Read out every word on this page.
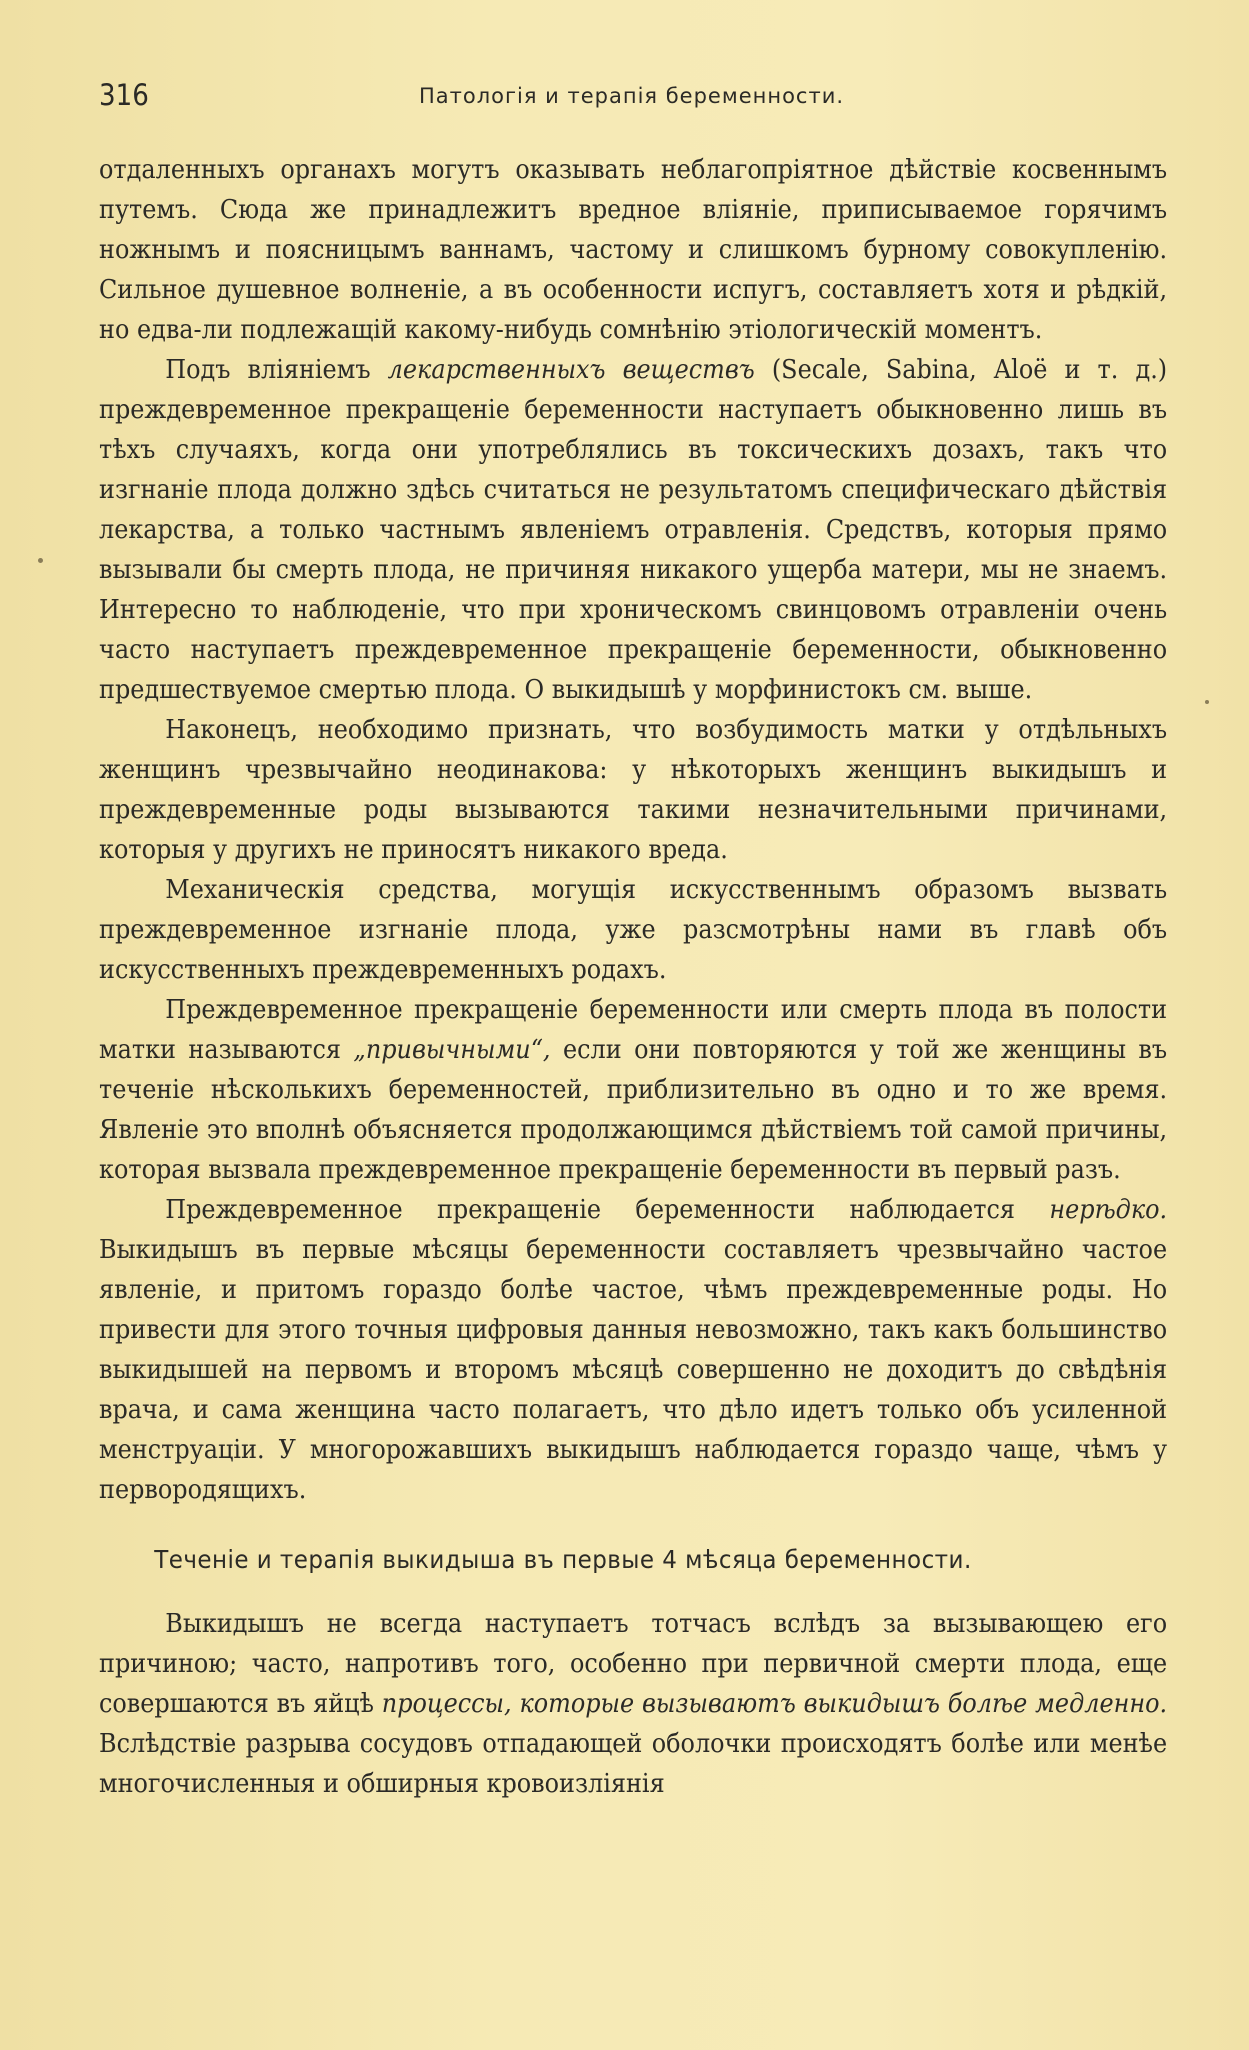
316	Патологія и терапія беременности.

отдаленныхъ органахъ могутъ оказывать неблагопріятное дѣйствіе косвеннымъ путемъ. Сюда же принадлежитъ вредное вліяніе, приписываемое горячимъ ножнымъ и поясницымъ ваннамъ, частому и слишкомъ бурному совокупленію. Сильное душевное волненіе, а въ особенности испугъ, составляетъ хотя и рѣдкій, но едва-ли подлежащій какому-нибудь сомнѣнію этіологическій моментъ.

Подъ вліяніемъ лекарственныхъ веществъ (Secale, Sabina, Aloë и т. д.) преждевременное прекращеніе беременности наступаетъ обыкновенно лишь въ тѣхъ случаяхъ, когда они употреблялись въ токсическихъ дозахъ, такъ что изгнаніе плода должно здѣсь считаться не результатомъ специфическаго дѣйствія лекарства, а только частнымъ явленіемъ отравленія. Средствъ, которыя прямо вызывали бы смерть плода, не причиняя никакого ущерба матери, мы не знаемъ. Интересно то наблюденіе, что при хроническомъ свинцовомъ отравленіи очень часто наступаетъ преждевременное прекращеніе беременности, обыкновенно предшествуемое смертью плода. О выкидышѣ у морфинистокъ см. выше.

Наконецъ, необходимо признать, что возбудимость матки у отдѣльныхъ женщинъ чрезвычайно неодинакова: у нѣкоторыхъ женщинъ выкидышъ и преждевременные роды вызываются такими незначительными причинами, которыя у другихъ не приносятъ никакого вреда.

Механическія средства, могущія искусственнымъ образомъ вызвать преждевременное изгнаніе плода, уже разсмотрѣны нами въ главѣ объ искусственныхъ преждевременныхъ родахъ.

Преждевременное прекращеніе беременности или смерть плода въ полости матки называются „привычными“, если они повторяются у той же женщины въ теченіе нѣсколькихъ беременностей, приблизительно въ одно и то же время. Явленіе это вполнѣ объясняется продолжающимся дѣйствіемъ той самой причины, которая вызвала преждевременное прекращеніе беременности въ первый разъ.

Преждевременное прекращеніе беременности наблюдается нерѣдко. Выкидышъ въ первые мѣсяцы беременности составляетъ чрезвычайно частое явленіе, и притомъ гораздо болѣе частое, чѣмъ преждевременные роды. Но привести для этого точныя цифровыя данныя невозможно, такъ какъ большинство выкидышей на первомъ и второмъ мѣсяцѣ совершенно не доходитъ до свѣдѣнія врача, и сама женщина часто полагаетъ, что дѣло идетъ только объ усиленной менструаціи. У многорожавшихъ выкидышъ наблюдается гораздо чаще, чѣмъ у первородящихъ.

Теченіе и терапія выкидыша въ первые 4 мѣсяца беременности.

Выкидышъ не всегда наступаетъ тотчасъ вслѣдъ за вызывающею его причиною; часто, напротивъ того, особенно при первичной смерти плода, еще совершаются въ яйцѣ процессы, которые вызываютъ выкидышъ болѣе медленно. Вслѣдствіе разрыва сосудовъ отпадающей оболочки происходятъ болѣе или менѣе многочисленныя и обширныя кровоизліянія
